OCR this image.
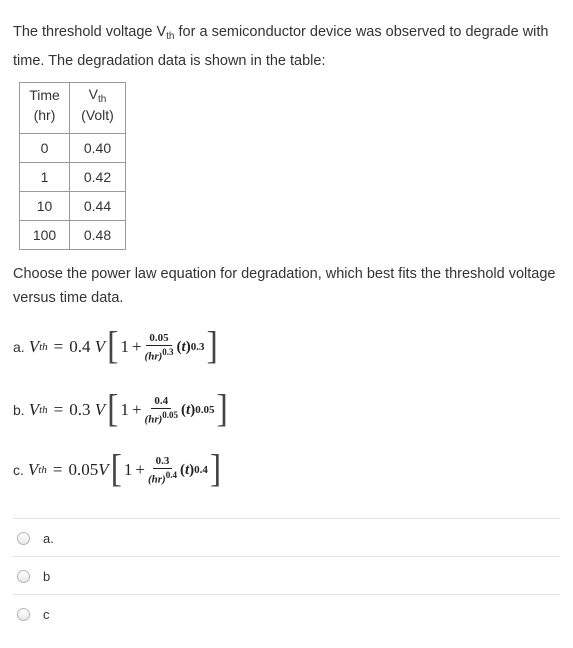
The threshold voltage $V_{th}$ for a semiconductor device was observed to degrade with time. The degradation data is shown in the table:
Time	$V_{th}$
(hr)	(Volt)
0	0.40
1	0.42
10	0.44
100	0.48
Choose the power law equation for degradation, which best fits the threshold voltage versus time data.
a. V th = 0.4
V [ $1 + \frac{0.05}{(hr)^{0.3}} (t)$ 0.3 ]
b. V th = 0.3
V [ $1 + \frac{0.4}{(hr)^{0.05}} (t)$ 0.05 ]
c. V th = 0.05 V [ $1 + \frac{0.3}{(hr)^{0.4}} (t)$ 0.4 ]
a.
b
c
